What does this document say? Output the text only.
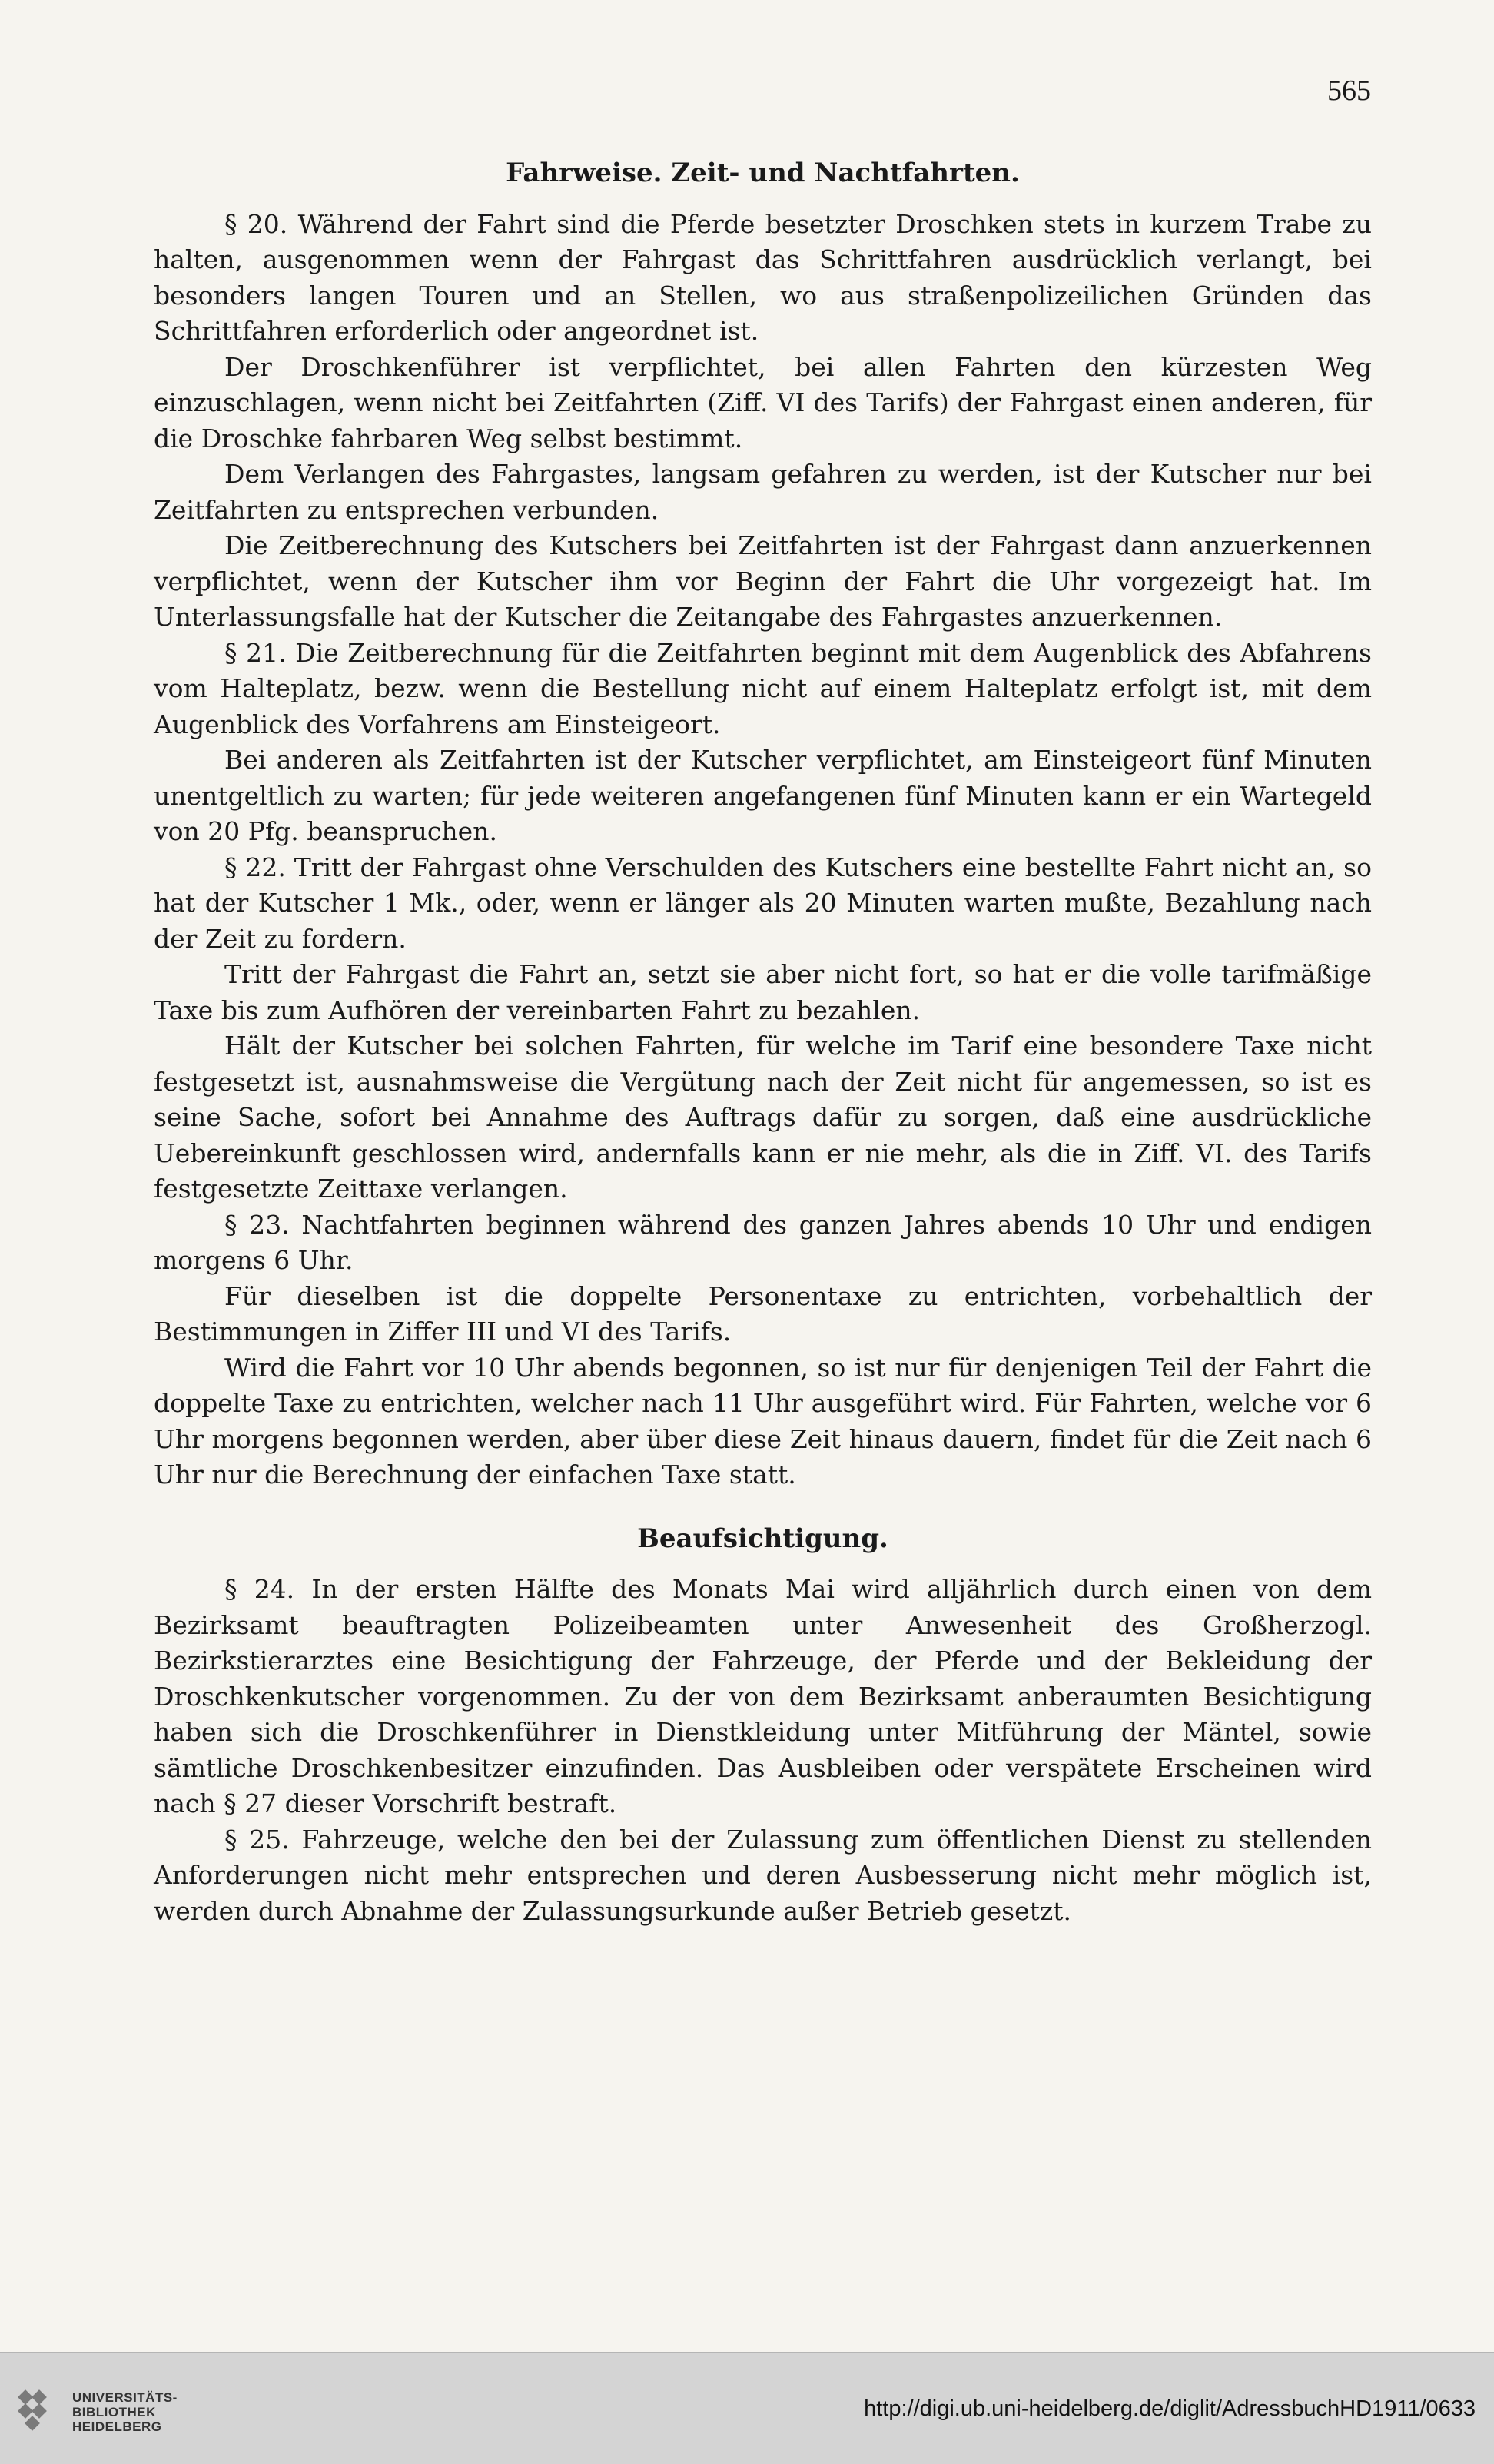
565
Fahrweise. Zeit- und Nachtfahrten.

§ 20. Während der Fahrt sind die Pferde besetzter Droschken stets in kurzem Trabe zu halten, ausgenommen wenn der Fahrgast das Schrittfahren ausdrücklich verlangt, bei besonders langen Touren und an Stellen, wo aus straßenpolizeilichen Gründen das Schrittfahren erforderlich oder angeordnet ist.

Der Droschkenführer ist verpflichtet, bei allen Fahrten den kürzesten Weg einzuschlagen, wenn nicht bei Zeitfahrten (Ziff. VI des Tarifs) der Fahrgast einen anderen, für die Droschke fahrbaren Weg selbst bestimmt.

Dem Verlangen des Fahrgastes, langsam gefahren zu werden, ist der Kutscher nur bei Zeitfahrten zu entsprechen verbunden.

Die Zeitberechnung des Kutschers bei Zeitfahrten ist der Fahrgast dann anzuerkennen verpflichtet, wenn der Kutscher ihm vor Beginn der Fahrt die Uhr vorgezeigt hat. Im Unterlassungsfalle hat der Kutscher die Zeitangabe des Fahrgastes anzuerkennen.

§ 21. Die Zeitberechnung für die Zeitfahrten beginnt mit dem Augenblick des Abfahrens vom Halteplatz, bezw. wenn die Bestellung nicht auf einem Halteplatz erfolgt ist, mit dem Augenblick des Vorfahrens am Einsteigeort.

Bei anderen als Zeitfahrten ist der Kutscher verpflichtet, am Einsteigeort fünf Minuten unentgeltlich zu warten; für jede weiteren angefangenen fünf Minuten kann er ein Wartegeld von 20 Pfg. beanspruchen.

§ 22. Tritt der Fahrgast ohne Verschulden des Kutschers eine bestellte Fahrt nicht an, so hat der Kutscher 1 Mk., oder, wenn er länger als 20 Minuten warten mußte, Bezahlung nach der Zeit zu fordern.

Tritt der Fahrgast die Fahrt an, setzt sie aber nicht fort, so hat er die volle tarifmäßige Taxe bis zum Aufhören der vereinbarten Fahrt zu bezahlen.

Hält der Kutscher bei solchen Fahrten, für welche im Tarif eine besondere Taxe nicht festgesetzt ist, ausnahmsweise die Vergütung nach der Zeit nicht für angemessen, so ist es seine Sache, sofort bei Annahme des Auftrags dafür zu sorgen, daß eine ausdrückliche Uebereinkunft geschlossen wird, andernfalls kann er nie mehr, als die in Ziff. VI. des Tarifs festgesetzte Zeittaxe verlangen.

§ 23. Nachtfahrten beginnen während des ganzen Jahres abends 10 Uhr und endigen morgens 6 Uhr.

Für dieselben ist die doppelte Personentaxe zu entrichten, vorbehaltlich der Bestimmungen in Ziffer III und VI des Tarifs.

Wird die Fahrt vor 10 Uhr abends begonnen, so ist nur für denjenigen Teil der Fahrt die doppelte Taxe zu entrichten, welcher nach 11 Uhr ausgeführt wird. Für Fahrten, welche vor 6 Uhr morgens begonnen werden, aber über diese Zeit hinaus dauern, findet für die Zeit nach 6 Uhr nur die Berechnung der einfachen Taxe statt.

Beaufsichtigung.

§ 24. In der ersten Hälfte des Monats Mai wird alljährlich durch einen von dem Bezirksamt beauftragten Polizeibeamten unter Anwesenheit des Großherzogl. Bezirkstierarztes eine Besichtigung der Fahrzeuge, der Pferde und der Bekleidung der Droschkenkutscher vorgenommen. Zu der von dem Bezirksamt anberaumten Besichtigung haben sich die Droschkenführer in Dienstkleidung unter Mitführung der Mäntel, sowie sämtliche Droschkenbesitzer einzufinden. Das Ausbleiben oder verspätete Erscheinen wird nach § 27 dieser Vorschrift bestraft.

§ 25. Fahrzeuge, welche den bei der Zulassung zum öffentlichen Dienst zu stellenden Anforderungen nicht mehr entsprechen und deren Ausbesserung nicht mehr möglich ist, werden durch Abnahme der Zulassungsurkunde außer Betrieb gesetzt.

UNIVERSITÄTS-
BIBLIOTHEK
HEIDELBERG
http://digi.ub.uni-heidelberg.de/diglit/AdressbuchHD1911/0633
